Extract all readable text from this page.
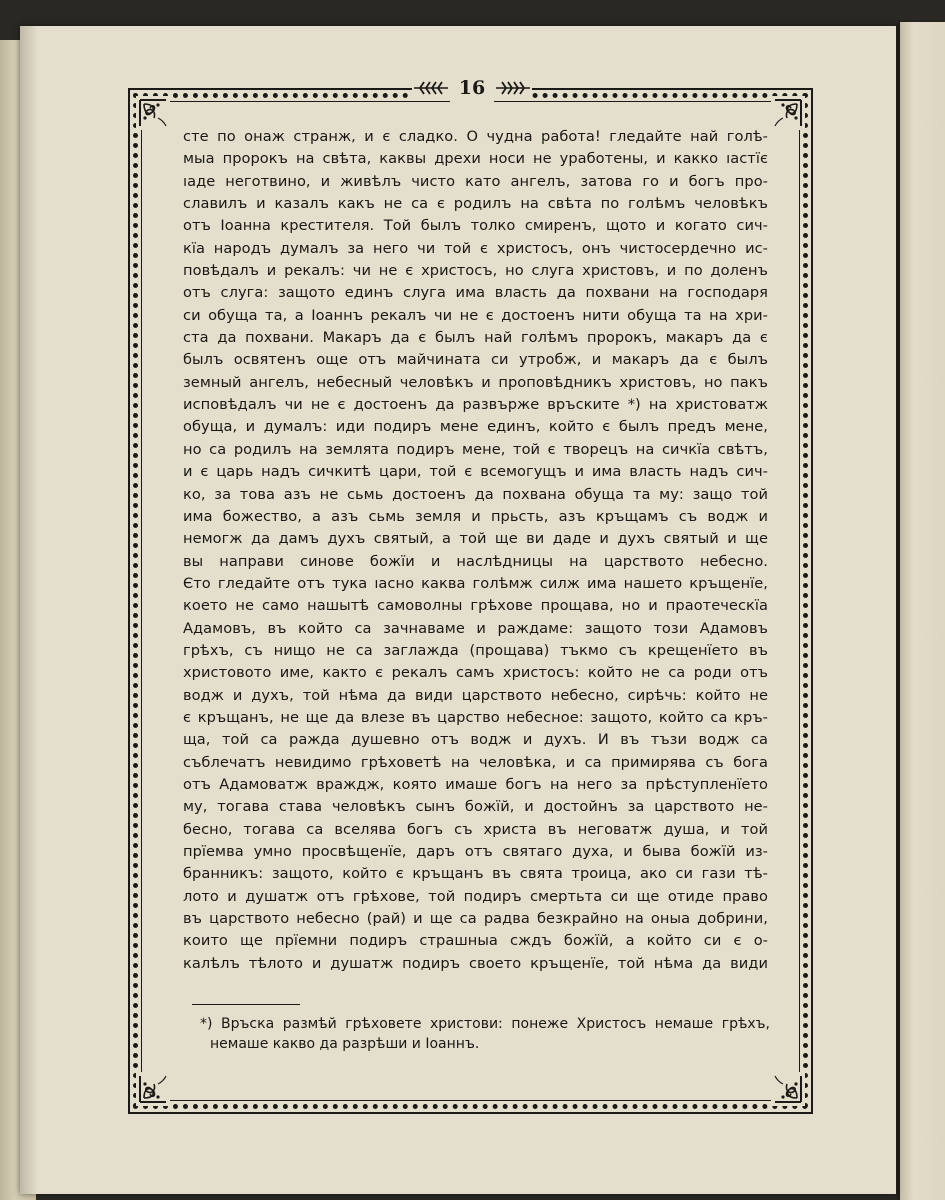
16
сте по онаж странж, и є сладко. О чудна работа! гледайте най голѣ-
мыа пророкъ на свѣта, каквы дрехи носи не уработены, и какко ıастїє
ıаде неготвино, и живѣлъ чисто като ангелъ, затова го и богъ про-
славилъ и казалъ какъ не са є родилъ на свѣта по голѣмъ человѣкъ
отъ Іоанна крестителя. Той былъ толко смиренъ, щото и когато сич-
кїа народъ думалъ за него чи той є христосъ, онъ чистосердечно ис-
повѣдалъ и рекалъ: чи не є христосъ, но слуга христовъ, и по доленъ
отъ слуга: защото единъ слуга има власть да похвани на господаря
си обуща та, а Іоаннъ рекалъ чи не є достоенъ нити обуща та на хри-
ста да похвани. Макаръ да є былъ най голѣмъ пророкъ, макаръ да є
былъ освятенъ още отъ майчината си утробж, и макаръ да є былъ
земный ангелъ, небесный человѣкъ и проповѣдникъ христовъ, но пакъ
исповѣдалъ чи не є достоенъ да развърже връските *) на христоватж
обуща, и думалъ: иди подиръ мене единъ, който є былъ предъ мене,
но са родилъ на землята подиръ мене, той є творецъ на сичкїа свѣтъ,
и є царь надъ сичкитѣ цари, той є всемогущъ и има власть надъ сич-
ко, за това азъ не сьмь достоенъ да похвана обуща та му: защо той
има божество, а азъ сьмь земля и прьсть, азъ кръщамъ съ водж и
немогж да дамъ духъ святый, а той ще ви даде и духъ святый и ще
вы направи синове божїи и наслѣдницы на царството небесно.
Єто гледайте отъ тука ıасно каква голѣмж силж има нашето кръщенїе,
което не само нашытѣ самоволны грѣхове прощава, но и праотеческїа
Адамовъ, въ който са зачнаваме и раждаме: защото този Адамовъ
грѣхъ, съ нищо не са заглажда (прощава) тъкмо съ крещенїето въ
христовото име, както є рекалъ самъ христосъ: който не са роди отъ
водж и духъ, той нѣма да види царството небесно, сирѣчь: който не
є кръщанъ, не ще да влезе въ царство небесное: защото, който са кръ-
ща, той са ражда душевно отъ водж и духъ. И въ тъзи водж са
съблечатъ невидимо грѣховетѣ на человѣка, и са примирява съ бога
отъ Адамоватж враждж, която имаше богъ на него за прѣступленїето
му, тогава става человѣкъ сынъ божїй, и достойнъ за царството не-
бесно, тогава са вселява богъ съ христа въ неговатж душа, и той
прїемва умно просвѣщенїе, даръ отъ святаго духа, и быва божїй из-
бранникъ: защото, който є кръщанъ въ свята троица, ако си гази тѣ-
лото и душатж отъ грѣхове, той подиръ смертьта си ще отиде право
въ царството небесно (рай) и ще са радва безкрайно на оныа добрини,
които ще прїемни подиръ страшныа сждъ божїй, а който си є о-
калѣлъ тѣлото и душатж подиръ своето кръщенїе, той нѣма да види
*) Връска размѣй грѣховете христови: понеже Христосъ немаше грѣхъ,
немаше какво да разрѣши и Іоаннъ.
